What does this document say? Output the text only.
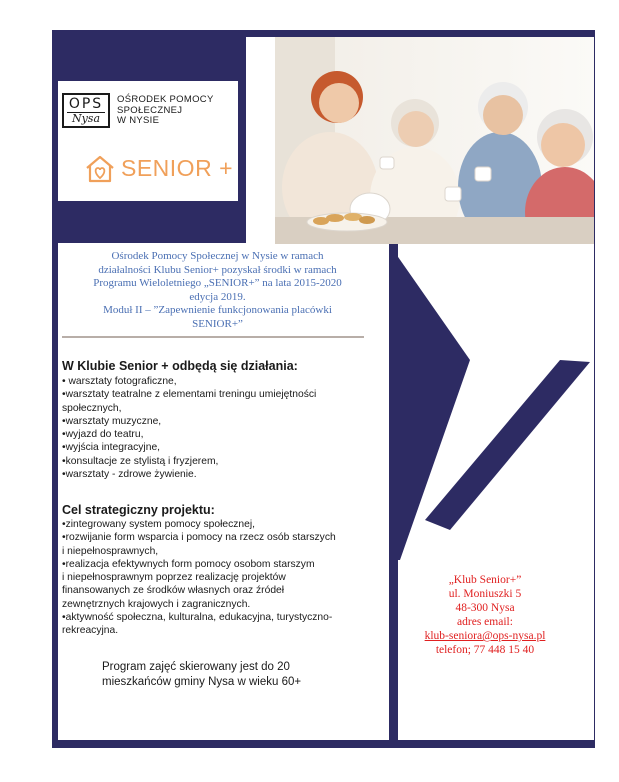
OPS
Nysa
OŚRODEK POMOCY
SPOŁECZNEJ
W NYSIE
SENIOR +
Ośrodek Pomocy Społecznej w Nysie w ramach
działalności Klubu Senior+ pozyskał środki w ramach
Programu Wieloletniego „SENIOR+” na lata 2015-2020
edycja 2019.
Moduł II – ”Zapewnienie funkcjonowania placówki
SENIOR+”
W Klubie Senior + odbędą się działania:
• warsztaty fotograficzne,
•warsztaty teatralne z elementami treningu umiejętności
społecznych,
•warsztaty muzyczne,
•wyjazd do teatru,
•wyjścia integracyjne,
•konsultacje ze stylistą i fryzjerem,
•warsztaty - zdrowe żywienie.
Cel strategiczny projektu:
•zintegrowany system pomocy społecznej,
•rozwijanie form wsparcia i pomocy na rzecz osób starszych
i niepełnosprawnych,
•realizacja efektywnych form pomocy osobom starszym
i niepełnosprawnym poprzez realizację projektów
finansowanych ze środków własnych oraz źródeł
zewnętrznych krajowych i zagranicznych.
•aktywność społeczna, kulturalna, edukacyjna, turystyczno-
rekreacyjna.
Program zajęć skierowany jest do 20
mieszkańców gminy Nysa w wieku 60+
„Klub Senior+”
ul. Moniuszki 5
48-300 Nysa
adres email:
klub-seniora@ops-nysa.pl
telefon; 77 448 15 40
